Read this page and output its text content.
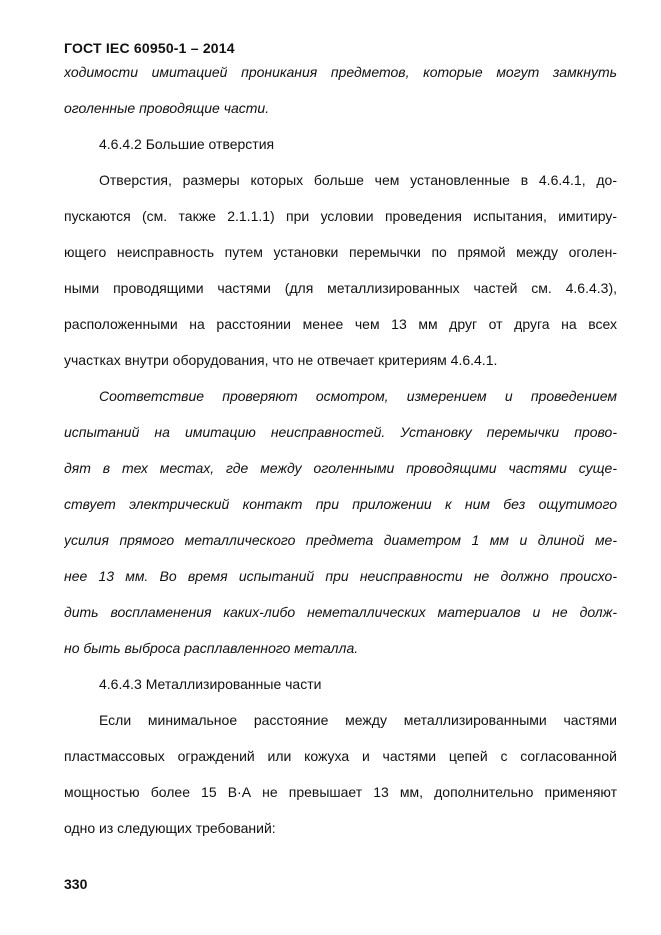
ГОСТ IEC 60950-1 – 2014
ходимости имитацией проникания предметов, которые могут замкнуть
оголенные проводящие части.
4.6.4.2 Большие отверстия
Отверстия, размеры которых больше чем установленные в 4.6.4.1, до-
пускаются (см. также 2.1.1.1) при условии проведения испытания, имитиру-
ющего неисправность путем установки перемычки по прямой между оголен-
ными проводящими частями (для металлизированных частей см. 4.6.4.3),
расположенными на расстоянии менее чем 13 мм друг от друга на всех
участках внутри оборудования, что не отвечает критериям 4.6.4.1.
Соответствие проверяют осмотром, измерением и проведением
испытаний на имитацию неисправностей. Установку перемычки прово-
дят в тех местах, где между оголенными проводящими частями суще-
ствует электрический контакт при приложении к ним без ощутимого
усилия прямого металлического предмета диаметром 1 мм и длиной ме-
нее 13 мм. Во время испытаний при неисправности не должно происхо-
дить воспламенения каких-либо неметаллических материалов и не долж-
но быть выброса расплавленного металла.
4.6.4.3 Металлизированные части
Если минимальное расстояние между металлизированными частями
пластмассовых ограждений или кожуха и частями цепей с согласованной
мощностью более 15 В·А не превышает 13 мм, дополнительно применяют
одно из следующих требований:
330
